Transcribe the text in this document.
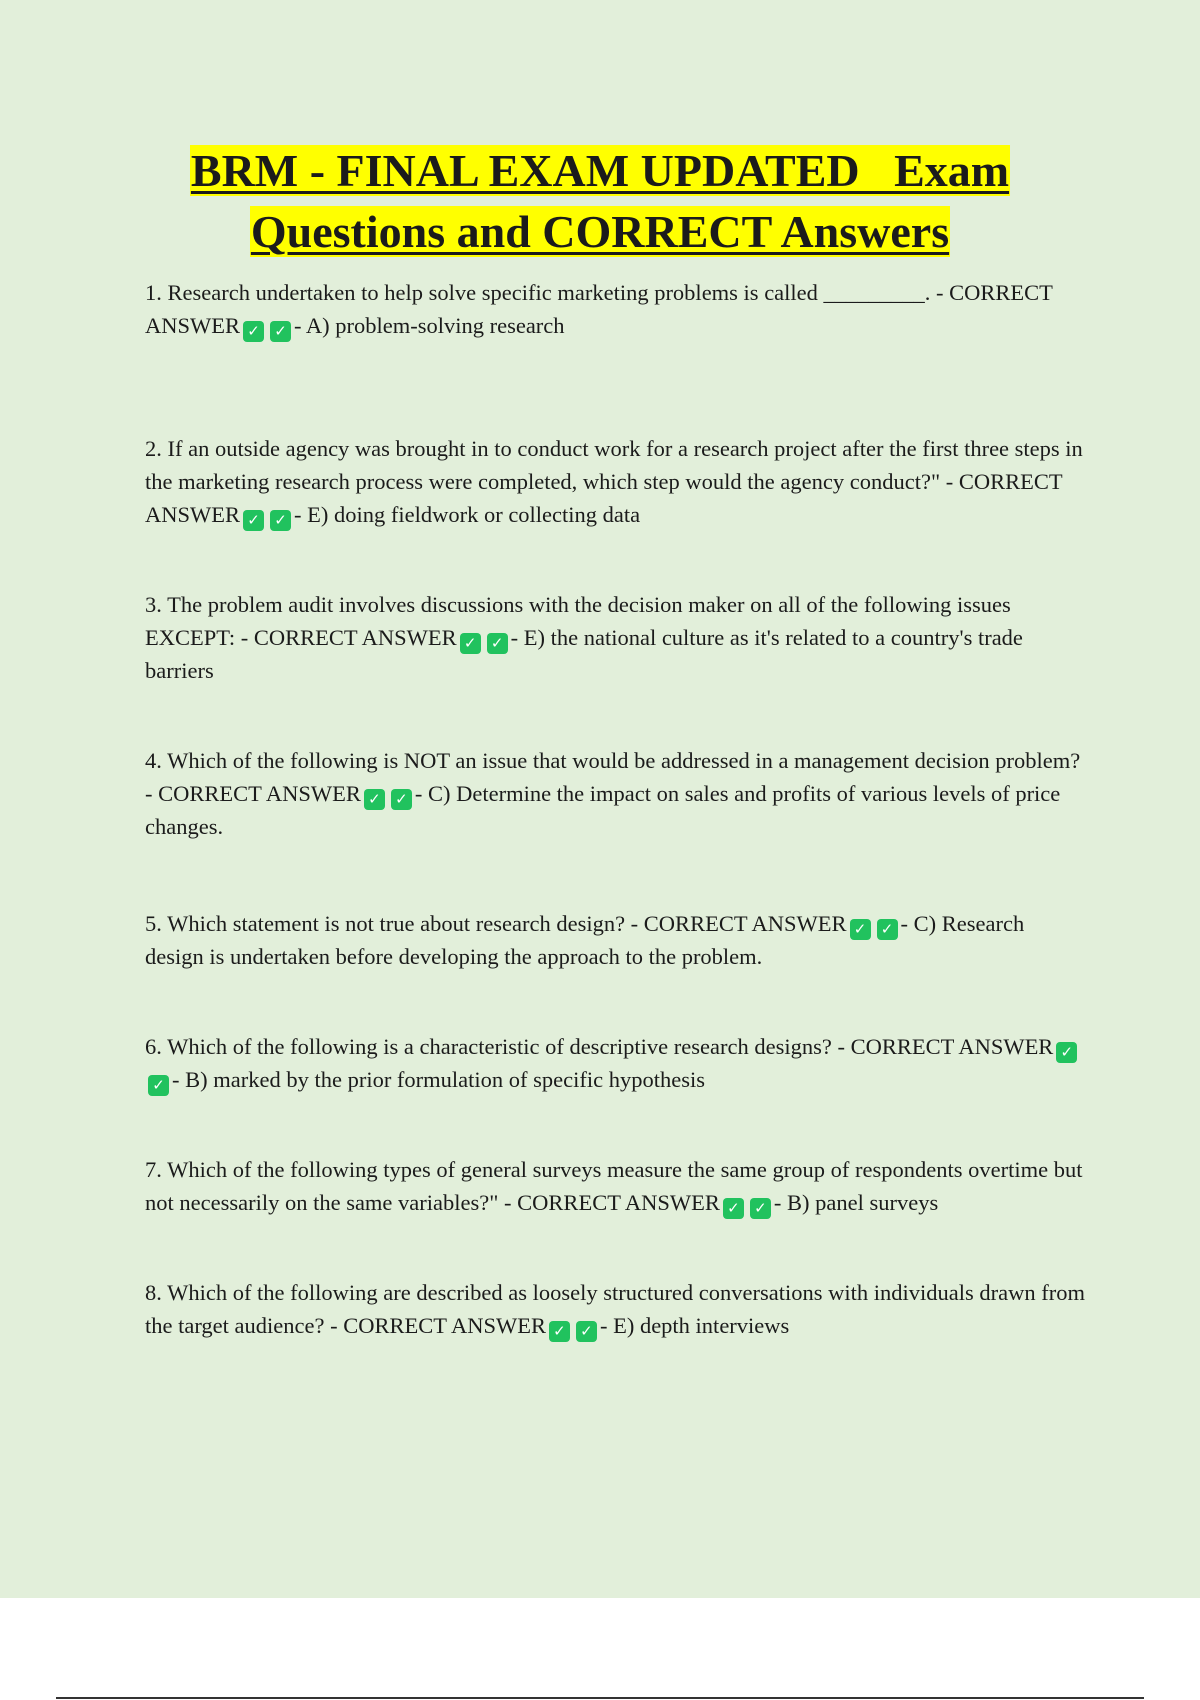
BRM - FINAL EXAM UPDATED   Exam
Questions and CORRECT Answers

1. Research undertaken to help solve specific marketing problems is called _________. - CORRECT ANSWER ✓ ✓ - A) problem-solving research

2. If an outside agency was brought in to conduct work for a research project after the first three steps in the marketing research process were completed, which step would the agency conduct?" - CORRECT ANSWER ✓ ✓ - E) doing fieldwork or collecting data

3. The problem audit involves discussions with the decision maker on all of the following issues EXCEPT: - CORRECT ANSWER ✓ ✓ - E) the national culture as it's related to a country's trade barriers

4. Which of the following is NOT an issue that would be addressed in a management decision problem? - CORRECT ANSWER ✓ ✓ - C) Determine the impact on sales and profits of various levels of price changes.

5. Which statement is not true about research design? - CORRECT ANSWER ✓ ✓ - C) Research design is undertaken before developing the approach to the problem.

6. Which of the following is a characteristic of descriptive research designs? - CORRECT ANSWER ✓✓ - B) marked by the prior formulation of specific hypothesis

7. Which of the following types of general surveys measure the same group of respondents overtime but not necessarily on the same variables?" - CORRECT ANSWER ✓ ✓ - B) panel surveys

8. Which of the following are described as loosely structured conversations with individuals drawn from the target audience? - CORRECT ANSWER ✓ ✓ - E) depth interviews
